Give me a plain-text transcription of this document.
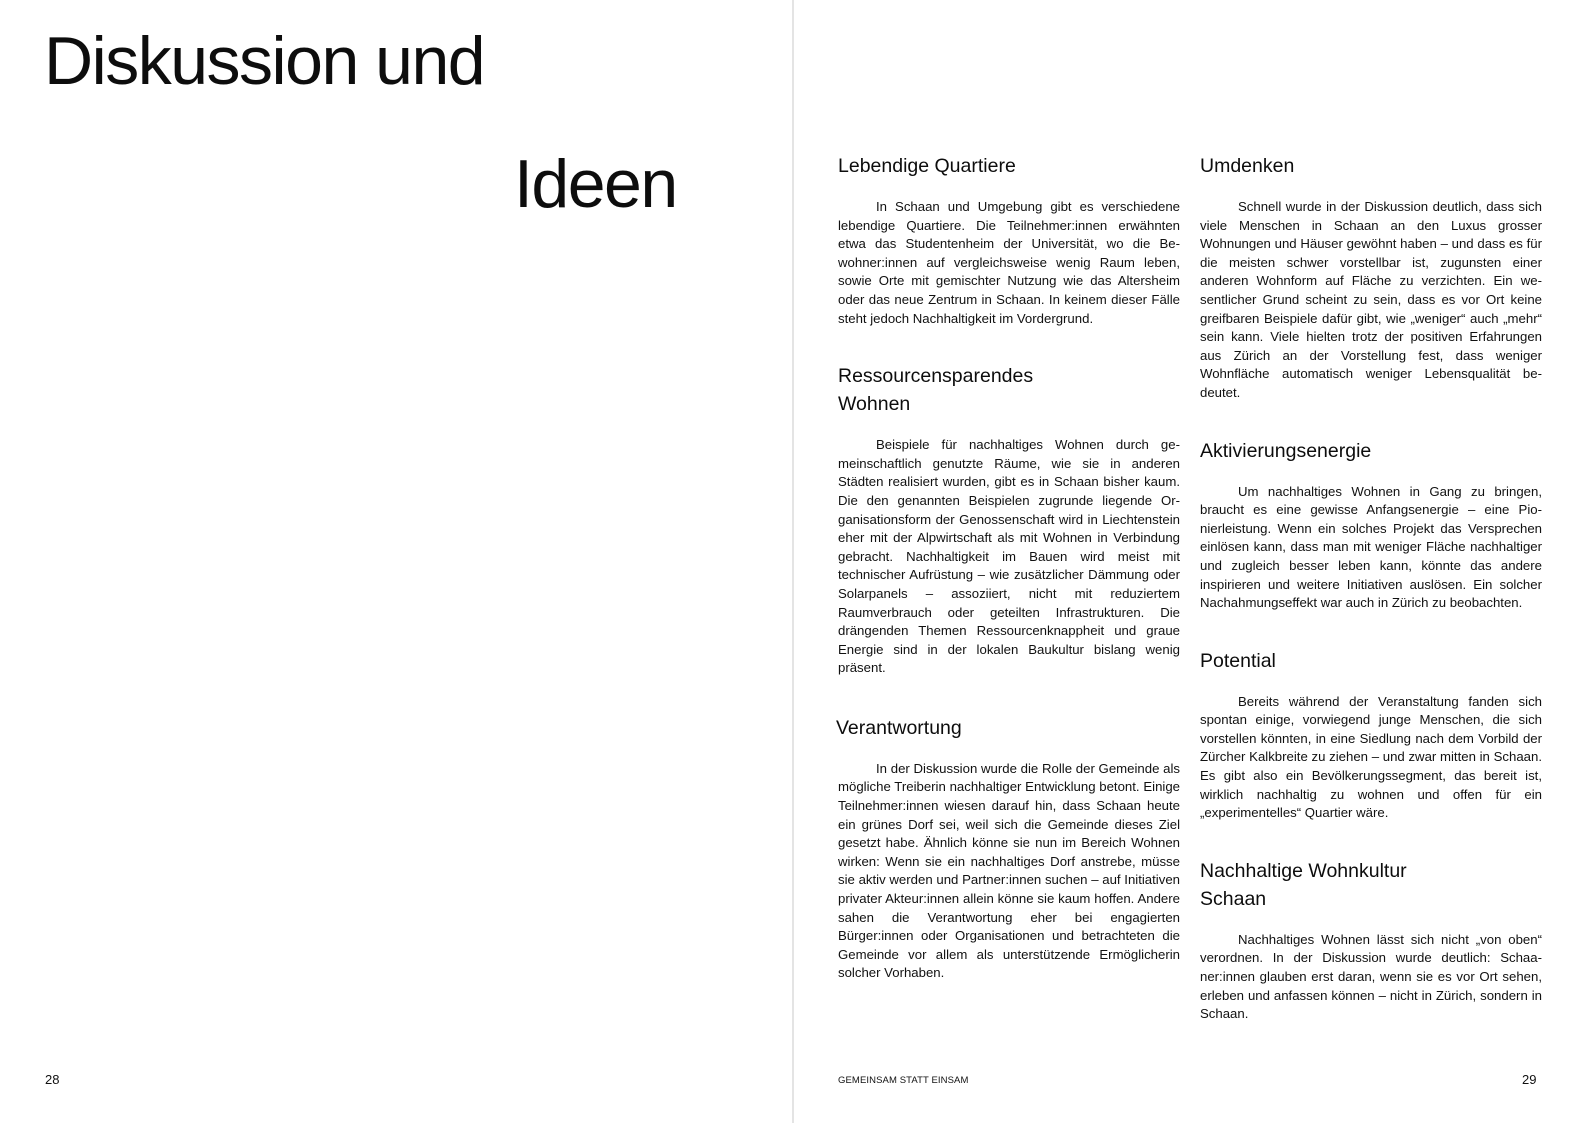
Diskussion und
Ideen
28
Lebendige Quartiere

In Schaan und Umgebung gibt es verschiedene lebendige Quartiere. Die Teilnehmer:innen erwähnten etwa das Studentenheim der Universität, wo die Bewohner:innen auf vergleichsweise wenig Raum leben, sowie Orte mit gemischter Nutzung wie das Altersheim oder das neue Zentrum in Schaan. In keinem dieser Fälle steht jedoch Nachhaltigkeit im Vordergrund.

Ressourcensparendes Wohnen

Beispiele für nachhaltiges Wohnen durch gemeinschaftlich genutzte Räume, wie sie in anderen Städten realisiert wurden, gibt es in Schaan bisher kaum. Die den genannten Beispielen zugrunde liegende Organisationsform der Genossenschaft wird in Liechtenstein eher mit der Alpwirtschaft als mit Wohnen in Verbindung gebracht. Nachhaltigkeit im Bauen wird meist mit technischer Aufrüstung – wie zusätzlicher Dämmung oder Solarpanels – assoziiert, nicht mit reduziertem Raumverbrauch oder geteilten Infrastrukturen. Die drängenden Themen Ressourcenknappheit und graue Energie sind in der lokalen Baukultur bislang wenig präsent.

Verantwortung

In der Diskussion wurde die Rolle der Gemeinde als mögliche Treiberin nachhaltiger Entwicklung betont. Einige Teilnehmer:innen wiesen darauf hin, dass Schaan heute ein grünes Dorf sei, weil sich die Gemeinde dieses Ziel gesetzt habe. Ähnlich könne sie nun im Bereich Wohnen wirken: Wenn sie ein nachhaltiges Dorf anstrebe, müsse sie aktiv werden und Partner:innen suchen – auf Initiativen privater Akteur:innen allein könne sie kaum hoffen. Andere sahen die Verantwortung eher bei engagierten Bürger:innen oder Organisationen und betrachteten die Gemeinde vor allem als unterstützende Ermöglicherin solcher Vorhaben.

Umdenken

Schnell wurde in der Diskussion deutlich, dass sich viele Menschen in Schaan an den Luxus grosser Wohnungen und Häuser gewöhnt haben – und dass es für die meisten schwer vorstellbar ist, zugunsten einer anderen Wohnform auf Fläche zu verzichten. Ein wesentlicher Grund scheint zu sein, dass es vor Ort keine greifbaren Beispiele dafür gibt, wie „weniger“ auch „mehr“ sein kann. Viele hielten trotz der positiven Erfahrungen aus Zürich an der Vorstellung fest, dass weniger Wohnfläche automatisch weniger Lebensqualität bedeutet.

Aktivierungsenergie

Um nachhaltiges Wohnen in Gang zu bringen, braucht es eine gewisse Anfangsenergie – eine Pionierleistung. Wenn ein solches Projekt das Versprechen einlösen kann, dass man mit weniger Fläche nachhaltiger und zugleich besser leben kann, könnte das andere inspirieren und weitere Initiativen auslösen. Ein solcher Nachahmungseffekt war auch in Zürich zu beobachten.

Potential

Bereits während der Veranstaltung fanden sich spontan einige, vorwiegend junge Menschen, die sich vorstellen könnten, in eine Siedlung nach dem Vorbild der Zürcher Kalkbreite zu ziehen – und zwar mitten in Schaan. Es gibt also ein Bevölkerungssegment, das bereit ist, wirklich nachhaltig zu wohnen und offen für ein „experimentelles“ Quartier wäre.

Nachhaltige Wohnkultur Schaan

Nachhaltiges Wohnen lässt sich nicht „von oben“ verordnen. In der Diskussion wurde deutlich: Schaaner:innen glauben erst daran, wenn sie es vor Ort sehen, erleben und anfassen können – nicht in Zürich, sondern in Schaan.

GEMEINSAM STATT EINSAM	29
